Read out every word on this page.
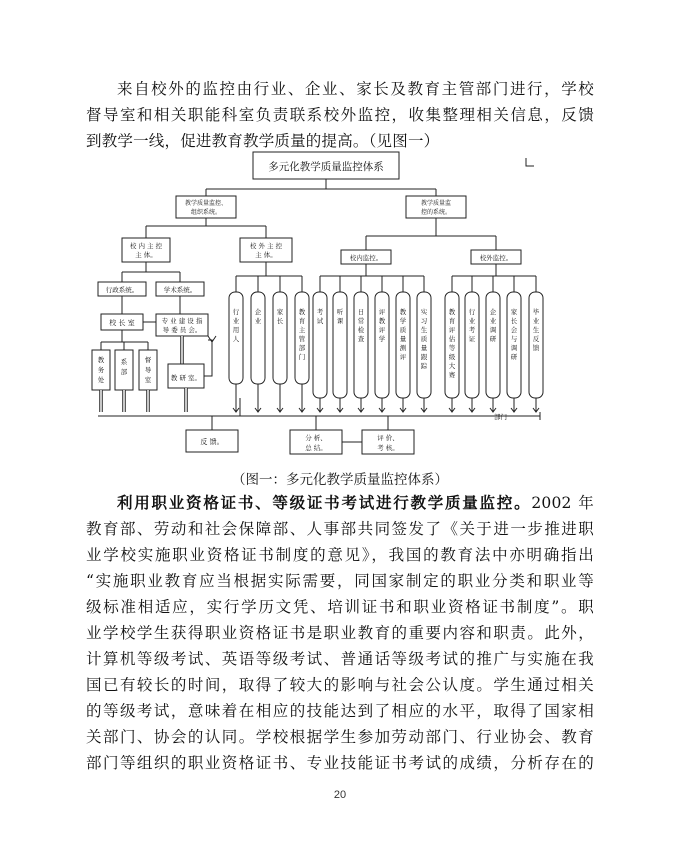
来自校外的监控由行业、企业、家长及教育主管部门进行，学校
督导室和相关职能科室负责联系校外监控，收集整理相关信息，反馈
到教学一线，促进教育教学质量的提高。（见图一）
多元化教学质量监控体系
教学质量监控、
组织系统。
教学质量监
控的系统。
校 内 主 控
主 体。
校 外 主 控
主 体。	校内监控。	校外监控。
行政系统。	学术系统。
校 长 室
教
务
处
系
部
督
导
室
专 业 建 设 指
导 委 员 会。
教 研 室。
行
业
用
人
企
业
家
长
教
育
主
管
部
门
考
试
听
课
日
常
检
查
评
教
评
学
教
学
质
量
测
评
实
习
生
质
量
跟
踪
教
育
评
估
等
级
大
赛
行
业
考
证
企
业
调
研
家
长
会
与
调
研
毕
业
生
反
馈
部门
反 馈。	分 析、
总 结。
评 价、
考 核。
（图一：多元化教学质量监控体系）
利用职业资格证书、等级证书考试进行教学质量监控。2002 年
教育部、劳动和社会保障部、人事部共同签发了《关于进一步推进职
业学校实施职业资格证书制度的意见》，我国的教育法中亦明确指出
“实施职业教育应当根据实际需要，同国家制定的职业分类和职业等
级标准相适应，实行学历文凭、培训证书和职业资格证书制度”。职
业学校学生获得职业资格证书是职业教育的重要内容和职责。此外，
计算机等级考试、英语等级考试、普通话等级考试的推广与实施在我
国已有较长的时间，取得了较大的影响与社会公认度。学生通过相关
的等级考试，意味着在相应的技能达到了相应的水平，取得了国家相
关部门、协会的认同。学校根据学生参加劳动部门、行业协会、教育
部门等组织的职业资格证书、专业技能证书考试的成绩，分析存在的
20
